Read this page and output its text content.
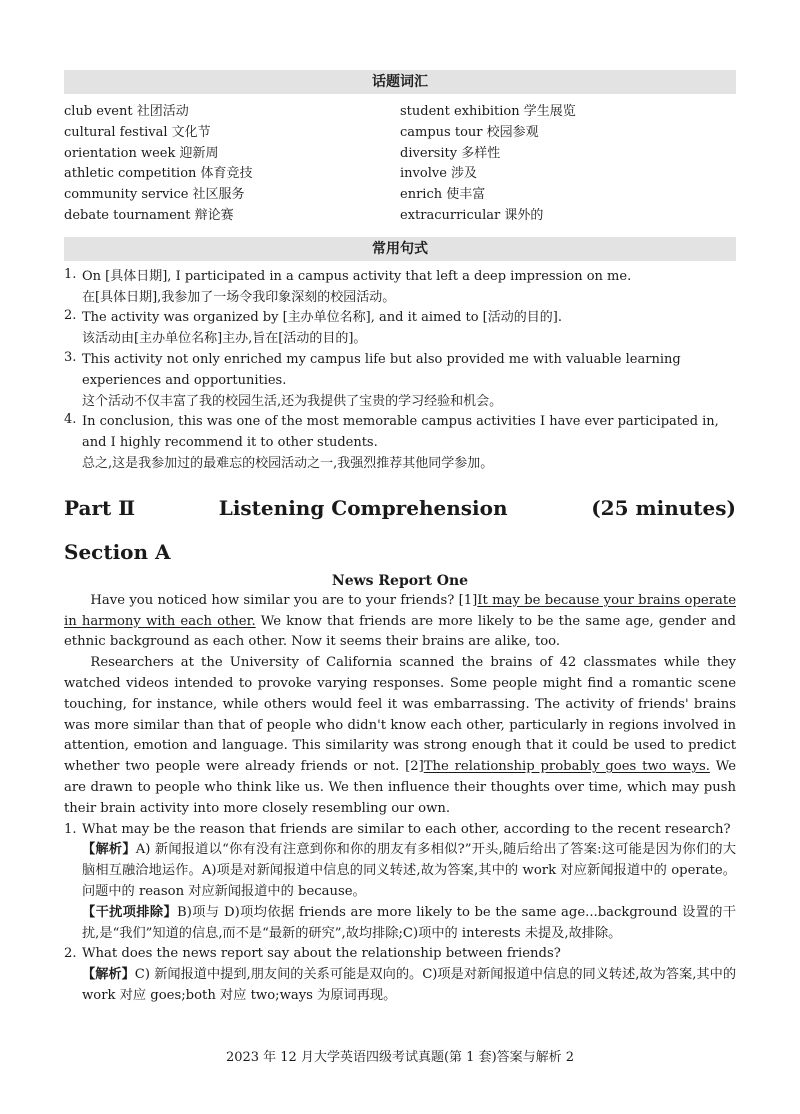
话题词汇
club event 社团活动
cultural festival 文化节
orientation week 迎新周
athletic competition 体育竞技
community service 社区服务
debate tournament 辩论赛
student exhibition 学生展览
campus tour 校园参观
diversity 多样性
involve 涉及
enrich 使丰富
extracurricular 课外的
常用句式
1. On [具体日期], I participated in a campus activity that left a deep impression on me.
在[具体日期],我参加了一场令我印象深刻的校园活动。
2. The activity was organized by [主办单位名称], and it aimed to [活动的目的].
该活动由[主办单位名称]主办,旨在[活动的目的]。
3. This activity not only enriched my campus life but also provided me with valuable learning
experiences and opportunities.
这个活动不仅丰富了我的校园生活,还为我提供了宝贵的学习经验和机会。
4. In conclusion, this was one of the most memorable campus activities I have ever participated in,
and I highly recommend it to other students.
总之,这是我参加过的最难忘的校园活动之一,我强烈推荐其他同学参加。
Part Ⅱ	Listening Comprehension	(25 minutes)
Section A
News Report One
Have you noticed how similar you are to your friends? [1]It may be because your brains operate in harmony with each other. We know that friends are more likely to be the same age, gender and ethnic background as each other. Now it seems their brains are alike, too.
Researchers at the University of California scanned the brains of 42 classmates while they watched videos intended to provoke varying responses. Some people might find a romantic scene touching, for instance, while others would feel it was embarrassing. The activity of friends' brains was more similar than that of people who didn't know each other, particularly in regions involved in attention, emotion and language. This similarity was strong enough that it could be used to predict whether two people were already friends or not. [2]The relationship probably goes two ways. We are drawn to people who think like us. We then influence their thoughts over time, which may push their brain activity into more closely resembling our own.
1. What may be the reason that friends are similar to each other, according to the recent research?
【解析】A) 新闻报道以“你有没有注意到你和你的朋友有多相似?”开头,随后给出了答案:这可能是因为你们的大脑相互融洽地运作。A)项是对新闻报道中信息的同义转述,故为答案,其中的 work 对应新闻报道中的 operate。问题中的 reason 对应新闻报道中的 because。
【干扰项排除】B)项与 D)项均依据 friends are more likely to be the same age...background 设置的干扰,是“我们”知道的信息,而不是“最新的研究”,故均排除;C)项中的 interests 未提及,故排除。
2. What does the news report say about the relationship between friends?
【解析】C) 新闻报道中提到,朋友间的关系可能是双向的。C)项是对新闻报道中信息的同义转述,故为答案,其中的 work 对应 goes;both 对应 two;ways 为原词再现。
2023 年 12 月大学英语四级考试真题(第 1 套)答案与解析 2
